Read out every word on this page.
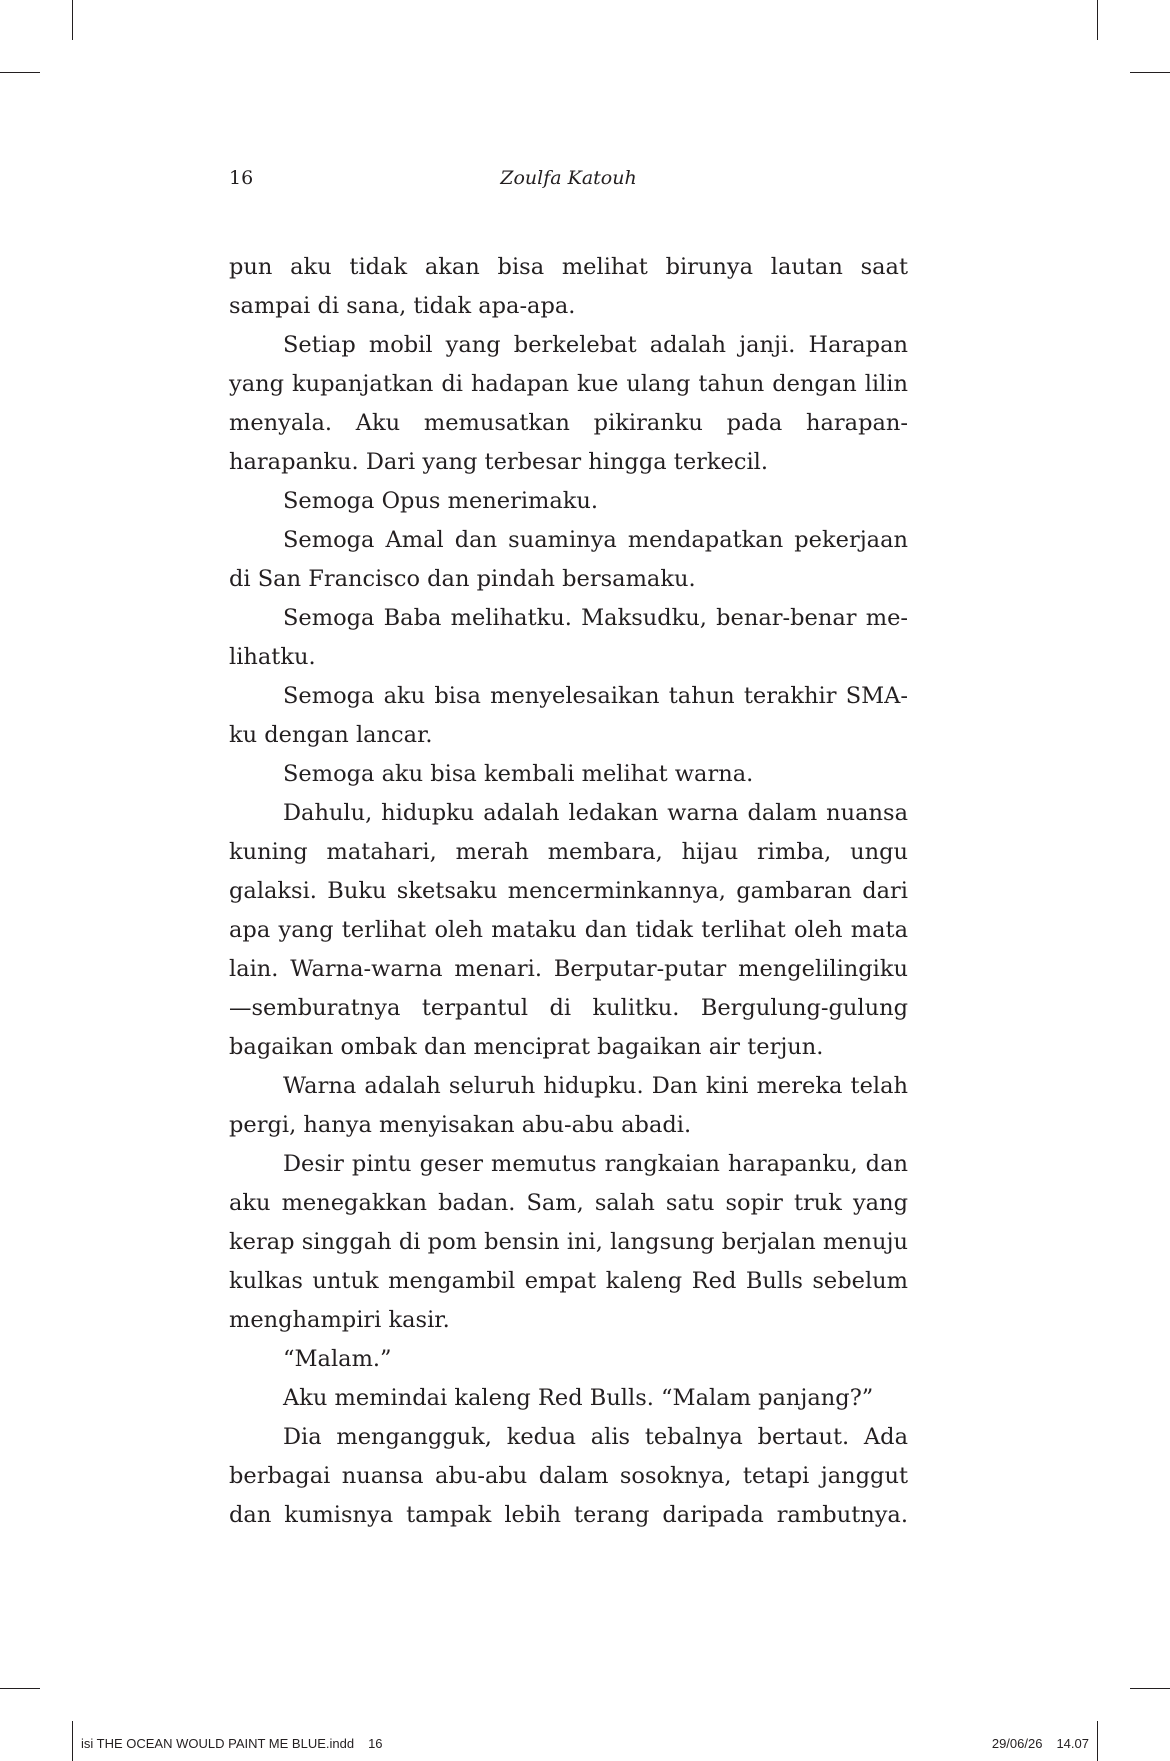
16	Zoulfa Katouh

pun aku tidak akan bisa melihat birunya lautan saat sampai di sana, tidak apa-apa.

Setiap mobil yang berkelebat adalah janji. Harapan yang kupanjatkan di hadapan kue ulang tahun dengan lilin menyala. Aku memusatkan pikiranku pada harapanharapanku. Dari yang terbesar hingga terkecil.

Semoga Opus menerimaku.

Semoga Amal dan suaminya mendapatkan pekerjaan di San Francisco dan pindah bersamaku.

Semoga Baba melihatku. Maksudku, benar-benar melihatku.

Semoga aku bisa menyelesaikan tahun terakhir SMA-ku dengan lancar.

Semoga aku bisa kembali melihat warna.

Dahulu, hidupku adalah ledakan warna dalam nuansa kuning matahari, merah membara, hijau rimba, ungu galaksi. Buku sketsaku mencerminkannya, gambaran dari apa yang terlihat oleh mataku dan tidak terlihat oleh mata lain. Warna-warna menari. Berputar-putar mengelilingiku—semburatnya terpantul di kulitku. Bergulung-gulung bagaikan ombak dan menciprat bagaikan air terjun.

Warna adalah seluruh hidupku. Dan kini mereka telah pergi, hanya menyisakan abu-abu abadi.

Desir pintu geser memutus rangkaian harapanku, dan aku menegakkan badan. Sam, salah satu sopir truk yang kerap singgah di pom bensin ini, langsung berjalan menuju kulkas untuk mengambil empat kaleng Red Bulls sebelum menghampiri kasir.

“Malam.”

Aku memindai kaleng Red Bulls. “Malam panjang?”

Dia mengangguk, kedua alis tebalnya bertaut. Ada berbagai nuansa abu-abu dalam sosoknya, tetapi janggut dan kumisnya tampak lebih terang daripada rambutnya.

isi THE OCEAN WOULD PAINT ME BLUE.indd 16	29/06/26 14.07
